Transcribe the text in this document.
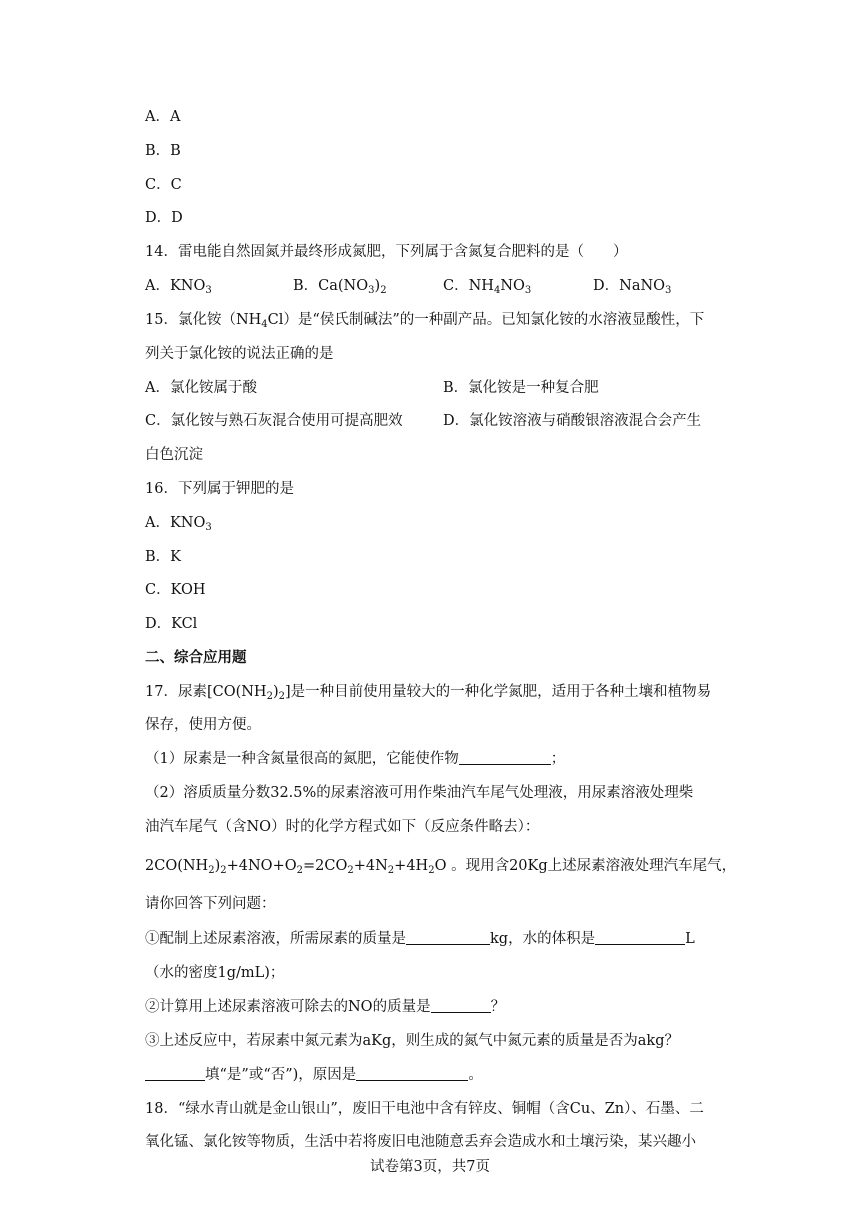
A．A
B．B
C．C
D．D
14．雷电能自然固氮并最终形成氮肥，下列属于含氮复合肥料的是（　　）
A．$KNO_3$	B．$Ca(NO_3)_2$	C．$NH_4NO_3$	D．NaNO$_3$
15．氯化铵$(NH_4Cl)$是“侯氏制碱法”的一种副产品。已知氯化铵的水溶液显酸性，下
列关于氯化铵的说法正确的是
A．氯化铵属于酸	B．氯化铵是一种复合肥
C．氯化铵与熟石灰混合使用可提高肥效	D．氯化铵溶液与硝酸银溶液混合会产生
白色沉淀
16．下列属于钾肥的是
A．$KNO_3$
B．K
C．KOH
D．KCl
二、综合应用题
17．尿素$[CO(NH_2)_2]$是一种目前使用量较大的一种化学氮肥，适用于各种土壤和植物易
保存，使用方便。
（1）尿素是一种含氮量很高的氮肥，它能使作物	；
（2）溶质质量分数32.5%的尿素溶液可用作柴油汽车尾气处理液，用尿素溶液处理柴
油汽车尾气（含NO）时的化学方程式如下（反应条件略去）：
$2CO(NH_2)_2+4NO+O_2=2CO_2+4N_2+4H_2O$ 。现用含20Kg上述尿素溶液处理汽车尾气，
请你回答下列问题：
①配制上述尿素溶液，所需尿素的质量是	kg，水的体积是	L
（水的密度1g/mL)；
②计算用上述尿素溶液可除去的NO的质量是	？
③上述反应中，若尿素中氮元素为aKg，则生成的氮气中氮元素的质量是否为akg？
填“是”或“否”)，原因是	。
18．“绿水青山就是金山银山”，废旧干电池中含有锌皮、铜帽（含Cu、Zn）、石墨、二
氧化锰、氯化铵等物质，生活中若将废旧电池随意丢弃会造成水和土壤污染，某兴趣小
试卷第3页，共7页
